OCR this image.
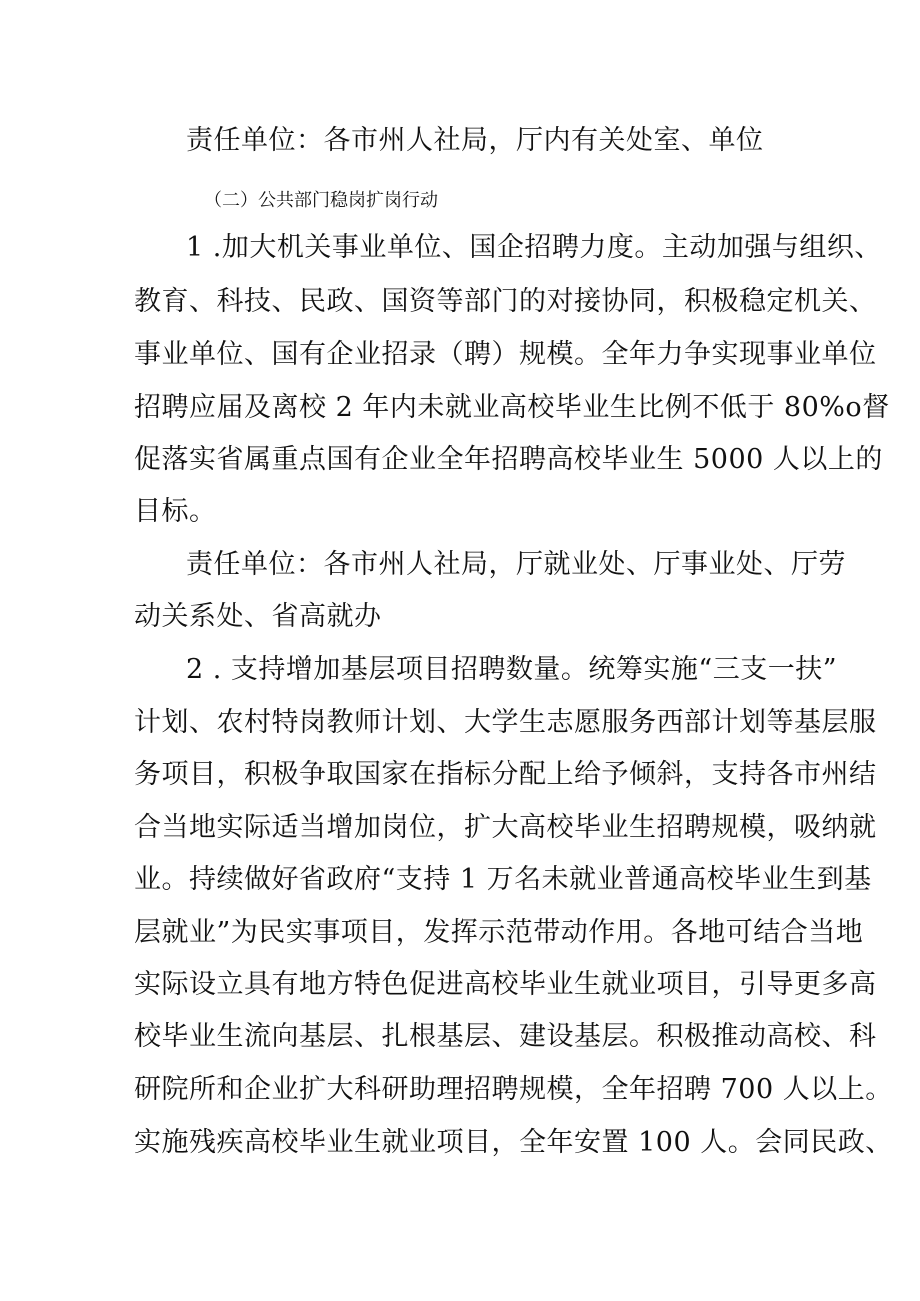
责任单位：各市州人社局，厅内有关处室、单位
（二）公共部门稳岗扩岗行动
1 .加大机关事业单位、国企招聘力度。主动加强与组织、
教育、科技、民政、国资等部门的对接协同，积极稳定机关、
事业单位、国有企业招录（聘）规模。全年力争实现事业单位
招聘应届及离校 2 年内未就业高校毕业生比例不低于 80%o督
促落实省属重点国有企业全年招聘高校毕业生 5000 人以上的
目标。
责任单位：各市州人社局，厅就业处、厅事业处、厅劳
动关系处、省高就办
2 . 支持增加基层项目招聘数量。统筹实施“三支一扶”
计划、农村特岗教师计划、大学生志愿服务西部计划等基层服
务项目，积极争取国家在指标分配上给予倾斜，支持各市州结
合当地实际适当增加岗位，扩大高校毕业生招聘规模，吸纳就
业。持续做好省政府“支持 1 万名未就业普通高校毕业生到基
层就业”为民实事项目，发挥示范带动作用。各地可结合当地
实际设立具有地方特色促进高校毕业生就业项目，引导更多高
校毕业生流向基层、扎根基层、建设基层。积极推动高校、科
研院所和企业扩大科研助理招聘规模，全年招聘 700 人以上。
实施残疾高校毕业生就业项目，全年安置 100 人。会同民政、
